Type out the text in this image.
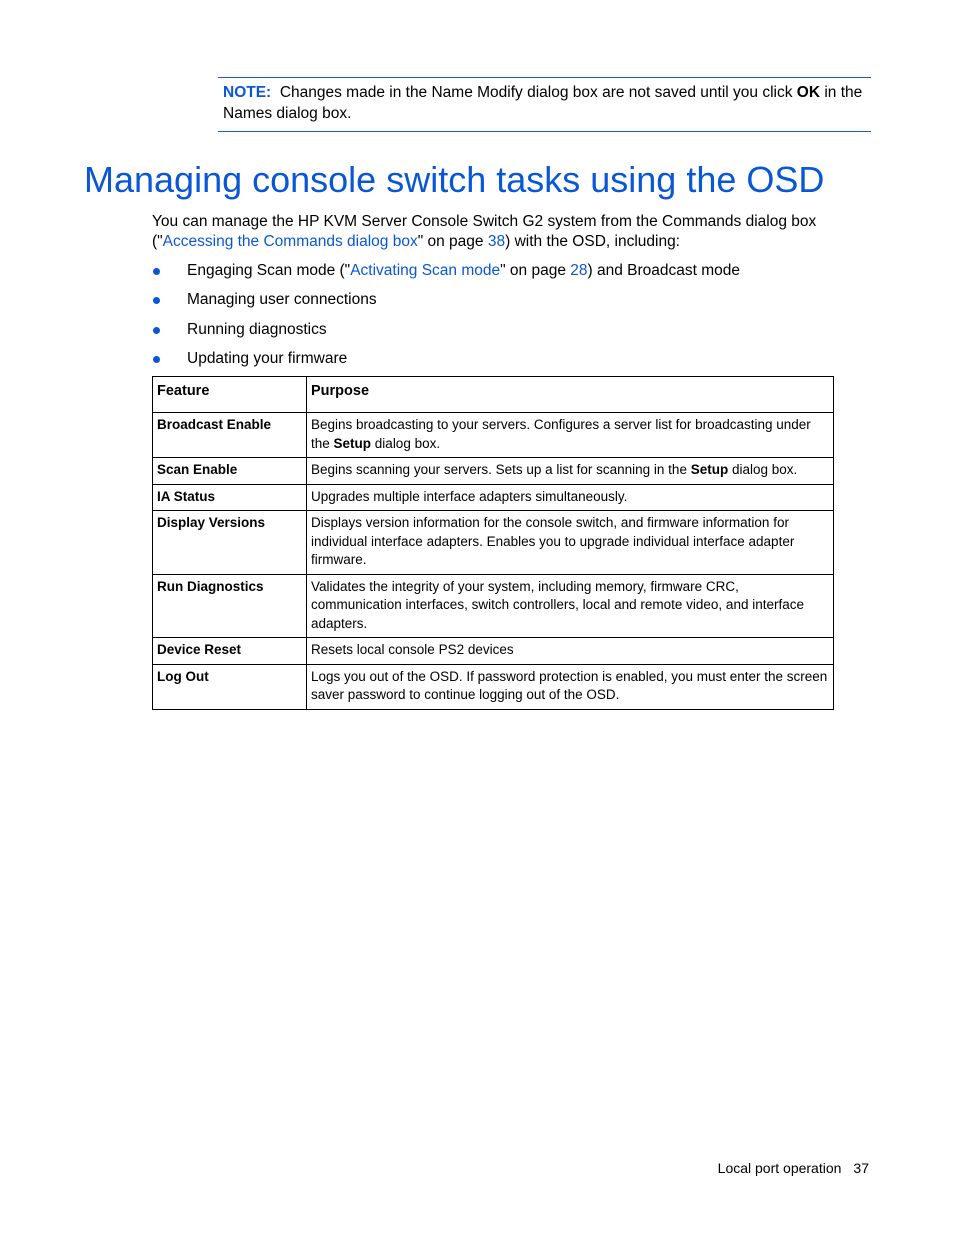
NOTE:  Changes made in the Name Modify dialog box are not saved until you click OK in the Names dialog box.
Managing console switch tasks using the OSD
You can manage the HP KVM Server Console Switch G2 system from the Commands dialog box ("Accessing the Commands dialog box" on page 38) with the OSD, including:
Engaging Scan mode ("Activating Scan mode" on page 28) and Broadcast mode
Managing user connections
Running diagnostics
Updating your firmware
Feature	Purpose
Broadcast Enable	Begins broadcasting to your servers. Configures a server list for broadcasting under the Setup dialog box.
Scan Enable	Begins scanning your servers. Sets up a list for scanning in the Setup dialog box.
IA Status	Upgrades multiple interface adapters simultaneously.
Display Versions	Displays version information for the console switch, and firmware information for individual interface adapters. Enables you to upgrade individual interface adapter firmware.
Run Diagnostics	Validates the integrity of your system, including memory, firmware CRC, communication interfaces, switch controllers, local and remote video, and interface adapters.
Device Reset	Resets local console PS2 devices
Log Out	Logs you out of the OSD. If password protection is enabled, you must enter the screen saver password to continue logging out of the OSD.
Local port operation 37
